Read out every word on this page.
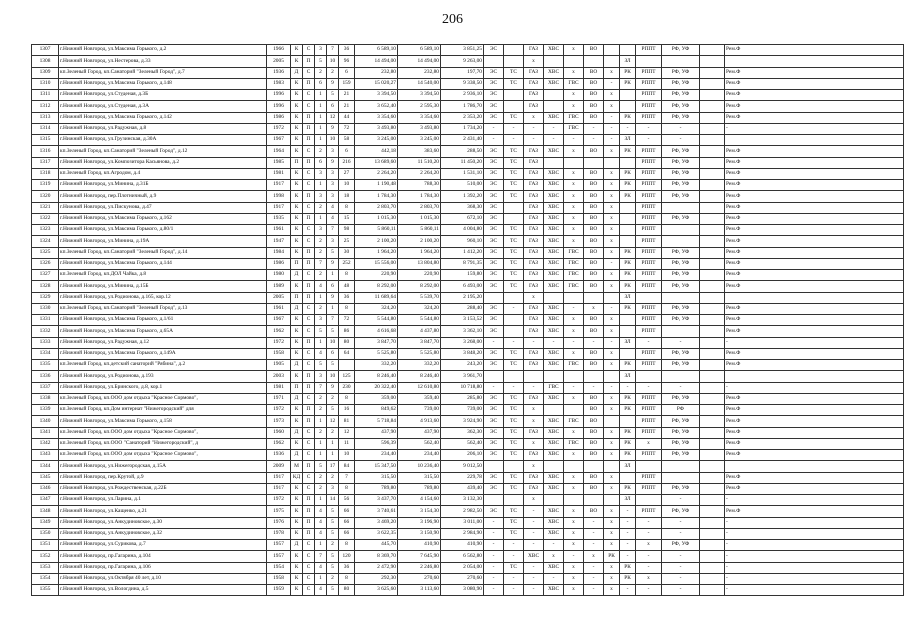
206
1307	г.Нижний Новгород, ул.Максима Горького, д.2	1966	К	С	3	7	36	6 589,10	6 589,10	3 851,25	ЭС		ГАЗ	ХВС	х	ВО			РППТ	РФ, УФ		Рем.Ф
1308	г.Нижний Новгород, ул.Нестерова, д.33	2005	К	П	5	10	96	14 494,00	14 494,00	9 263,00			х					ЗЛ				
1309	кп.Зеленый Город, кп.Санаторий "Зеленый Город", д.7	1936	Д	С	2	2	6	232,80	232,80	197,70	ЭС	ТС	ГАЗ	ХВС	х	ВО	х	РК	РППТ	РФ, УФ		Рем.Ф
1310	г.Нижний Новгород, ул.Максима Горького, д.148	1983	К	П	6	9	159	15 020,27	14 540,00	9 338,50	ЭС	ТС	ГАЗ	ХВС	ГВС	ВО	-	РК	РППТ	РФ, УФ		Рем.Ф
1311	г.Нижний Новгород, ул.Студеная, д.3Б	1996	К	С	1	5	21	3 394,50	3 394,50	2 936,10	ЭС		ГАЗ		х	ВО	х		РППТ	РФ, УФ		Рем.Ф
1312	г.Нижний Новгород, ул.Студеная, д.3А	1996	К	С	1	6	21	3 652,40	2 595,30	1 786,70	ЭС		ГАЗ		х	ВО	х		РППТ	РФ, УФ		Рем.Ф
1313	г.Нижний Новгород, ул.Максима Горького, д.142	1986	К	П	1	12	44	3 354,60	3 354,60	2 353,20	ЭС	ТС	х	ХВС	ГВС	ВО	-	РК	РППТ	РФ, УФ		Рем.Ф
1314	г.Нижний Новгород, ул.Радужная, д.8	1972	К	П	1	9	72	3 493,80	3 493,80	1 734,20	-	-	-	-	ГВС	-	-	-	-	-		-
1315	г.Нижний Новгород, ул.Грузинская, д.30А	1967	К	П	1	10	58	3 245,00	3 245,00	2 431,40	-	-	-	-	-	-	-	ЗЛ	-	-		
1316	кп.Зеленый Город, кп.Санаторий "Зеленый Город", д.12	1964	К	С	2	3	6	442,18	383,60	288,50	ЭС	ТС	ГАЗ	ХВС	х	ВО	х	РК	РППТ	РФ, УФ		Рем.Ф
1317	г.Нижний Новгород, ул.Композитора Касьянова, д.2	1985	П	П	6	9	216	13 689,60	11 510,20	11 450,20	ЭС	ТС	ГАЗ						РППТ	РФ, УФ		Рем.Ф
1318	кп.Зеленый Город, кп.Агродом, д.4	1981	К	С	3	3	27	2 264,20	2 264,20	1 531,10	ЭС	ТС	ГАЗ	ХВС	х	ВО	х	РК	РППТ	РФ, УФ		Рем.Ф
1319	г.Нижний Новгород, ул.Минина, д.31Б	1917	К	С	1	3	10	1 190,48	788,30	510,00	ЭС	ТС	ГАЗ	ХВС	х	ВО	х	РК	РППТ	РФ, УФ		Рем.Ф
1320	г.Нижний Новгород, пер.Плотничный, д.9	1998	К	П	3	3	18	1 784,30	1 784,30	1 392,20	ЭС	ТС	ГАЗ	ХВС	х	ВО	х	РК	РППТ	РФ, УФ		Рем.Ф
1321	г.Нижний Новгород, ул.Пискунова, д.47	1917	К	С	2	4	8	2 803,70	2 803,70	368,30	ЭС		ГАЗ	ХВС	х	ВО	х		РППТ			Рем.Ф
1322	г.Нижний Новгород, ул.Максима Горького, д.162	1935	К	П	1	4	15	1 015,30	1 015,30	672,10	ЭС		ГАЗ	ХВС	х	ВО	х		РППТ	РФ, УФ		Рем.Ф
1323	г.Нижний Новгород, ул.Максима Горького, д.80/1	1961	К	С	3	7	98	5 860,11	5 860,11	4 004,80	ЭС	ТС	ГАЗ	ХВС	х	ВО	х		РППТ			Рем.Ф
1324	г.Нижний Новгород, ул.Минина, д.19А	1947	К	С	2	3	25	2 100,20	2 100,20	960,10	ЭС	ТС	ГАЗ	ХВС	х	ВО	х		РППТ			Рем.Ф
1325	кп.Зеленый Город, кп.Санаторий "Зеленый Город", д.14	1984	К	П	2	5	30	1 964,20	1 964,20	1 412,20	ЭС	ТС	ГАЗ	ХВС	ГВС	ВО	х	РК	РППТ	РФ, УФ		Рем.Ф
1326	г.Нижний Новгород, ул.Максима Горького, д.144	1986	П	П	7	9	252	15 556,00	13 804,80	8 791,35	ЭС	ТС	ГАЗ	ХВС	ГВС	ВО	-	РК	РППТ	РФ, УФ		Рем.Ф
1327	кп.Зеленый Город, кп.ДОЛ Чайка, д.8	1980	Д	С	2	1	8	220,90	220,90	159,80	ЭС	ТС	ГАЗ	ХВС	ГВС	ВО	х	РК	РППТ	РФ, УФ		Рем.Ф
1328	г.Нижний Новгород, ул.Минина, д.15Б	1989	К	П	4	6	48	8 292,00	8 292,00	6 493,00	ЭС	ТС	ГАЗ	ХВС	ГВС	ВО	х	РК	РППТ	РФ, УФ		Рем.Ф
1329	г.Нижний Новгород, ул.Родионова, д.165, кор.12	2005	П	П	1	9	36	11 689,64	5 539,70	2 195,20			х					ЗЛ				
1330	кп.Зеленый Город, кп.Санаторий "Зеленый Город", д.13	1961	Д	С	2	1	8	324,20	324,20	288,40	ЭС	-	ГАЗ	ХВС	-	х	-	РК	РППТ	РФ, УФ		Рем.Ф
1331	г.Нижний Новгород, ул.Максима Горького, д.1/61	1967	К	С	3	7	72	5 544,80	5 544,80	3 153,52	ЭС		ГАЗ	ХВС	х	ВО	х		РППТ	РФ, УФ		Рем.Ф
1332	г.Нижний Новгород, ул.Максима Горького, д.65А	1962	К	С	5	5	86	4 616,68	4 437,80	3 362,10	ЭС		ГАЗ	ХВС	х	ВО	х		РППТ			Рем.Ф
1333	г.Нижний Новгород, ул.Радужная, д.12	1972	К	П	1	10	80	3 847,70	3 847,70	3 268,00	-	-	-	-	-	-	-	ЗЛ	-	-		-
1334	г.Нижний Новгород, ул.Максима Горького, д.149А	1958	К	С	4	6	64	5 525,80	5 525,80	3 848,20	ЭС	ТС	ГАЗ	ХВС	х	ВО	х		РППТ	РФ, УФ		Рем.Ф
1335	кп.Зеленый Город, кп.детский санаторий "Рябина", д.2	1905	Д	С	5	5		332,20	332,20	243,20	ЭС	ТС	ГАЗ	ХВС	ГВС	ВО	х	РК	РППТ	РФ, УФ		Рем.Ф
1336	г.Нижний Новгород, ул.Родионова, д.193	2003	К	П	3	10	125	8 246,40	8 246,40	3 961,70								ЗЛ				
1337	г.Нижний Новгород, ул.Бринского, д.8, кор.1	1981	П	П	7	9	230	20 322,40	12 610,80	10 718,80	-	-	-	ГВС	-	-	-	-	-	-		-
1338	кп.Зеленый Город, кп.ООО дом отдыха "Красное Сормово",	1971	Д	С	2	2	8	359,00	359,40	285,80	ЭС	ТС	ГАЗ	ХВС	х	ВО	х	РК	РППТ	РФ, УФ		Рем.Ф
1339	кп.Зеленый Город, кп.Дом интернат "Нижегородский" для	1972	К	П	2	5	16	849,62	739,00	739,00	ЭС	ТС	х			ВО	х	РК	РППТ	РФ		Рем.Ф
1340	г.Нижний Новгород, ул.Максима Горького, д.158	1973	К	П	1	12	81	5 718,84	4 913,60	3 924,90	ЭС	ТС	х	ХВС	ГВС	ВО			РППТ	РФ, УФ		Рем.Ф
1341	кп.Зеленый Город, кп.ООО дом отдыха "Красное Сормово",	1960	Д	С	2	2	12	437,90	437,90	362,30	ЭС	ТС	ГАЗ	ХВС	х	ВО	х	РК	РППТ	РФ, УФ		Рем.Ф
1342	кп.Зеленый Город, кп.ООО "Санаторий "Нижегородский", д	1962	К	С	1	1	11	596,39	562,40	562,40	ЭС	ТС	х	ХВС	ГВС	ВО	х	РК	х	РФ, УФ		Рем.Ф
1343	кп.Зеленый Город, кп.ООО дом отдыха "Красное Сормово",	1936	Д	С	1	1	10	234,40	234,40	206,10	ЭС	ТС	ГАЗ	ХВС	х	ВО	х	РК	РППТ	РФ, УФ		Рем.Ф
1344	г.Нижний Новгород, ул.Нижегородская, д.15А	2009	М	П	5	17	84	15 347,50	10 236,40	9 012,50			х					ЗЛ				
1345	г.Нижний Новгород, пер.Крутой, д.9	1917	КД	С	2	2	7	315,50	315,50	229,78	ЭС	ТС	ГАЗ	ХВС	х	ВО	х		РППТ			Рем.Ф
1346	г.Нижний Новгород, ул.Рождественская, д.22Б	1917	К	С	2	3	8	789,80	789,80	439,40	ЭС	ТС	ГАЗ	ХВС	х	ВО	х	РК	РППТ	РФ, УФ		Рем.Ф
1347	г.Нижний Новгород, ул.Ларина, д.1	1972	К	П	1	14	56	3 437,70	4 154,60	3 132,30			х					ЗЛ		-		-
1348	г.Нижний Новгород, ул.Кащенко, д.21	1975	К	П	4	5	66	3 740,61	3 154,30	2 982,50	ЭС	ТС	-	ХВС	х	ВО	х	-	РППТ	РФ, УФ		Рем.Ф
1349	г.Нижний Новгород, ул.Анкудиновское, д.30	1976	К	П	4	5	66	3 469,20	3 196,90	3 011,00	-	ТС	-	ХВС	х	-	х	-	-	-		-
1350	г.Нижний Новгород, ул.Анкудиновское, д.32	1978	К	П	4	5	66	3 622,35	3 150,90	2 984,90	-	ТС	-	ХВС	х	-	х	-	-	-		-
1351	г.Нижний Новгород, ул.Сурикова, д.7	1957	Д	С	1	2	8	445,70	410,90	410,90	-	-	-	-	х	-	х	-	х	РФ, УФ		-
1352	г.Нижний Новгород, пр.Гагарина, д.104	1957	К	С	7	5	120	8 369,70	7 645,90	6 562,80	-	-	ХВС	х	-	х	РК	-	-	-		-
1353	г.Нижний Новгород, пр.Гагарина, д.106	1954	К	С	4	5	36	2 472,90	2 246,80	2 054,00	-	ТС	-	ХВС	х	-	х	РК	-	-		-
1354	г.Нижний Новгород, ул.Октября 40 лет, д.10	1958	К	С	1	2	8	292,30	270,60	270,60	-	-	-	-	х	-	х	РК	х	-		-
1355	г.Нижний Новгород, ул.Вологдина, д.5	1959	К	С	4	5	80	3 625,60	3 113,60	3 080,90	-	-	-	ХВС	х	-	х	-	-	-		-
